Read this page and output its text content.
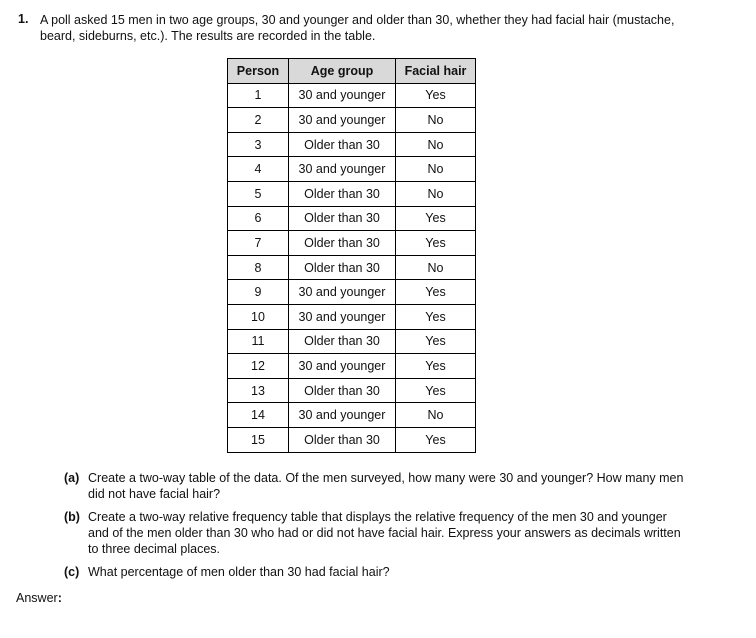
1. A poll asked 15 men in two age groups, 30 and younger and older than 30, whether they had facial hair (mustache, beard, sideburns, etc.). The results are recorded in the table.
Person	Age group	Facial hair
1	30 and younger	Yes
2	30 and younger	No
3	Older than 30	No
4	30 and younger	No
5	Older than 30	No
6	Older than 30	Yes
7	Older than 30	Yes
8	Older than 30	No
9	30 and younger	Yes
10	30 and younger	Yes
11	Older than 30	Yes
12	30 and younger	Yes
13	Older than 30	Yes
14	30 and younger	No
15	Older than 30	Yes
(a) Create a two-way table of the data. Of the men surveyed, how many were 30 and younger? How many men did not have facial hair?
(b) Create a two-way relative frequency table that displays the relative frequency of the men 30 and younger and of the men older than 30 who had or did not have facial hair. Express your answers as decimals written to three decimal places.
(c) What percentage of men older than 30 had facial hair?
Answer:
